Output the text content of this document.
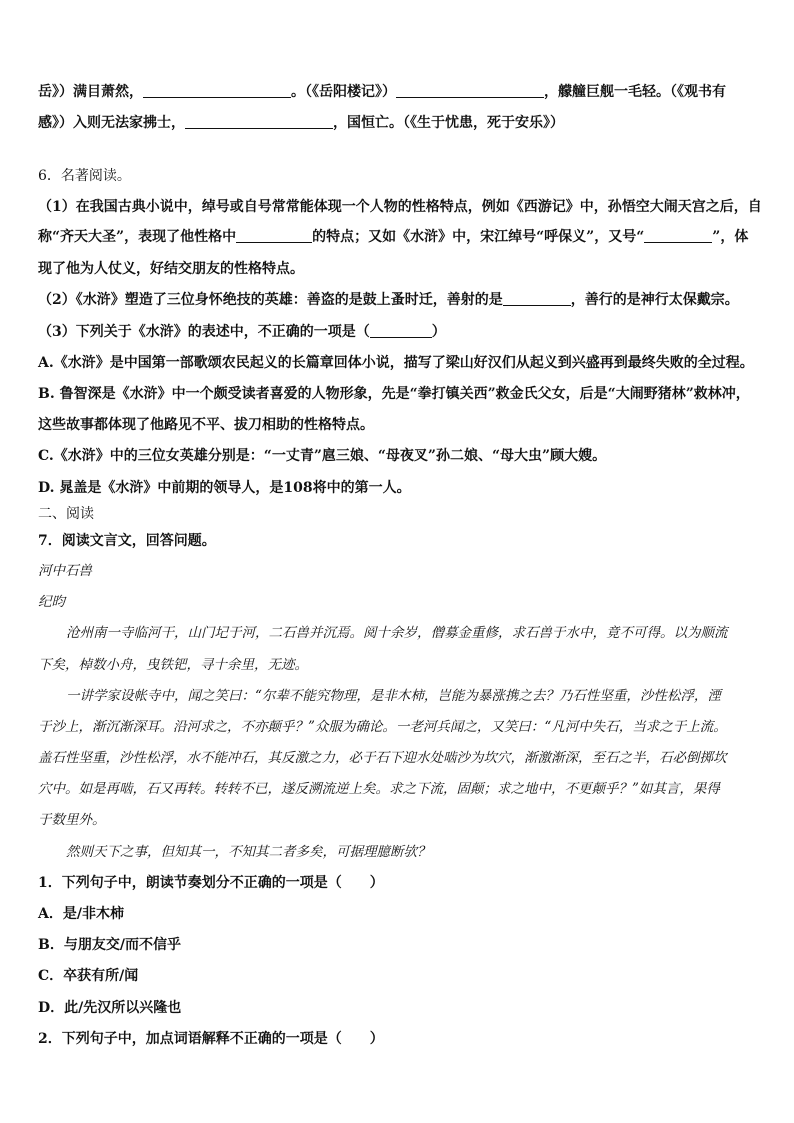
岳》）满目萧然，	。（《岳阳楼记》）	，艨艟巨舰一毛轻。（《观书有
感》）入则无法家拂士，	，国恒亡。（《生于忧患，死于安乐》）
6．名著阅读。
（1）在我国古典小说中，绰号或自号常常能体现一个人物的性格特点，例如《西游记》中，孙悟空大闹天宫之后，自
称“齐天大圣”，表现了他性格中	的特点；又如《水浒》中，宋江绰号“呼保义”，又号“	”，体
现了他为人仗义，好结交朋友的性格特点。
（2）《水浒》塑造了三位身怀绝技的英雄：善盗的是鼓上蚤时迁，善射的是	，善行的是神行太保戴宗。
（3）下列关于《水浒》的表述中，不正确的一项是（	）
A.《水浒》是中国第一部歌颂农民起义的长篇章回体小说，描写了梁山好汉们从起义到兴盛再到最终失败的全过程。
B. 鲁智深是《水浒》中一个颇受读者喜爱的人物形象，先是“拳打镇关西”救金氏父女，后是“大闹野猪林”救林冲，
这些故事都体现了他路见不平、拔刀相助的性格特点。
C.《水浒》中的三位女英雄分别是：“一丈青”扈三娘、“母夜叉”孙二娘、“母大虫”顾大嫂。
D. 晁盖是《水浒》中前期的领导人，是108将中的第一人。
二、阅读
7．阅读文言文，回答问题。
河中石兽
纪昀
沧州南一寺临河干，山门圮于河，二石兽并沉焉。阅十余岁，僧募金重修，求石兽于水中，竟不可得。以为顺流
下矣，棹数小舟，曳铁钯，寻十余里，无迹。
一讲学家设帐寺中，闻之笑曰：“尔辈不能究物理，是非木柿，岂能为暴涨携之去？乃石性坚重，沙性松浮，湮
于沙上，渐沉渐深耳。沿河求之，不亦颠乎？”众服为确论。一老河兵闻之，又笑曰：“凡河中失石，当求之于上流。
盖石性坚重，沙性松浮，水不能冲石，其反激之力，必于石下迎水处啮沙为坎穴，渐激渐深，至石之半，石必倒掷坎
穴中。如是再啮，石又再转。转转不已，遂反溯流逆上矣。求之下流，固颠；求之地中，不更颠乎？”如其言，果得
于数里外。
然则天下之事，但知其一，不知其二者多矣，可据理臆断欤？
1．下列句子中，朗读节奏划分不正确的一项是（　　）
A．是/非木柿
B．与朋友交/而不信乎
C．卒获有所/闻
D．此/先汉所以兴隆也
2．下列句子中，加点词语解释不正确的一项是（　　）
